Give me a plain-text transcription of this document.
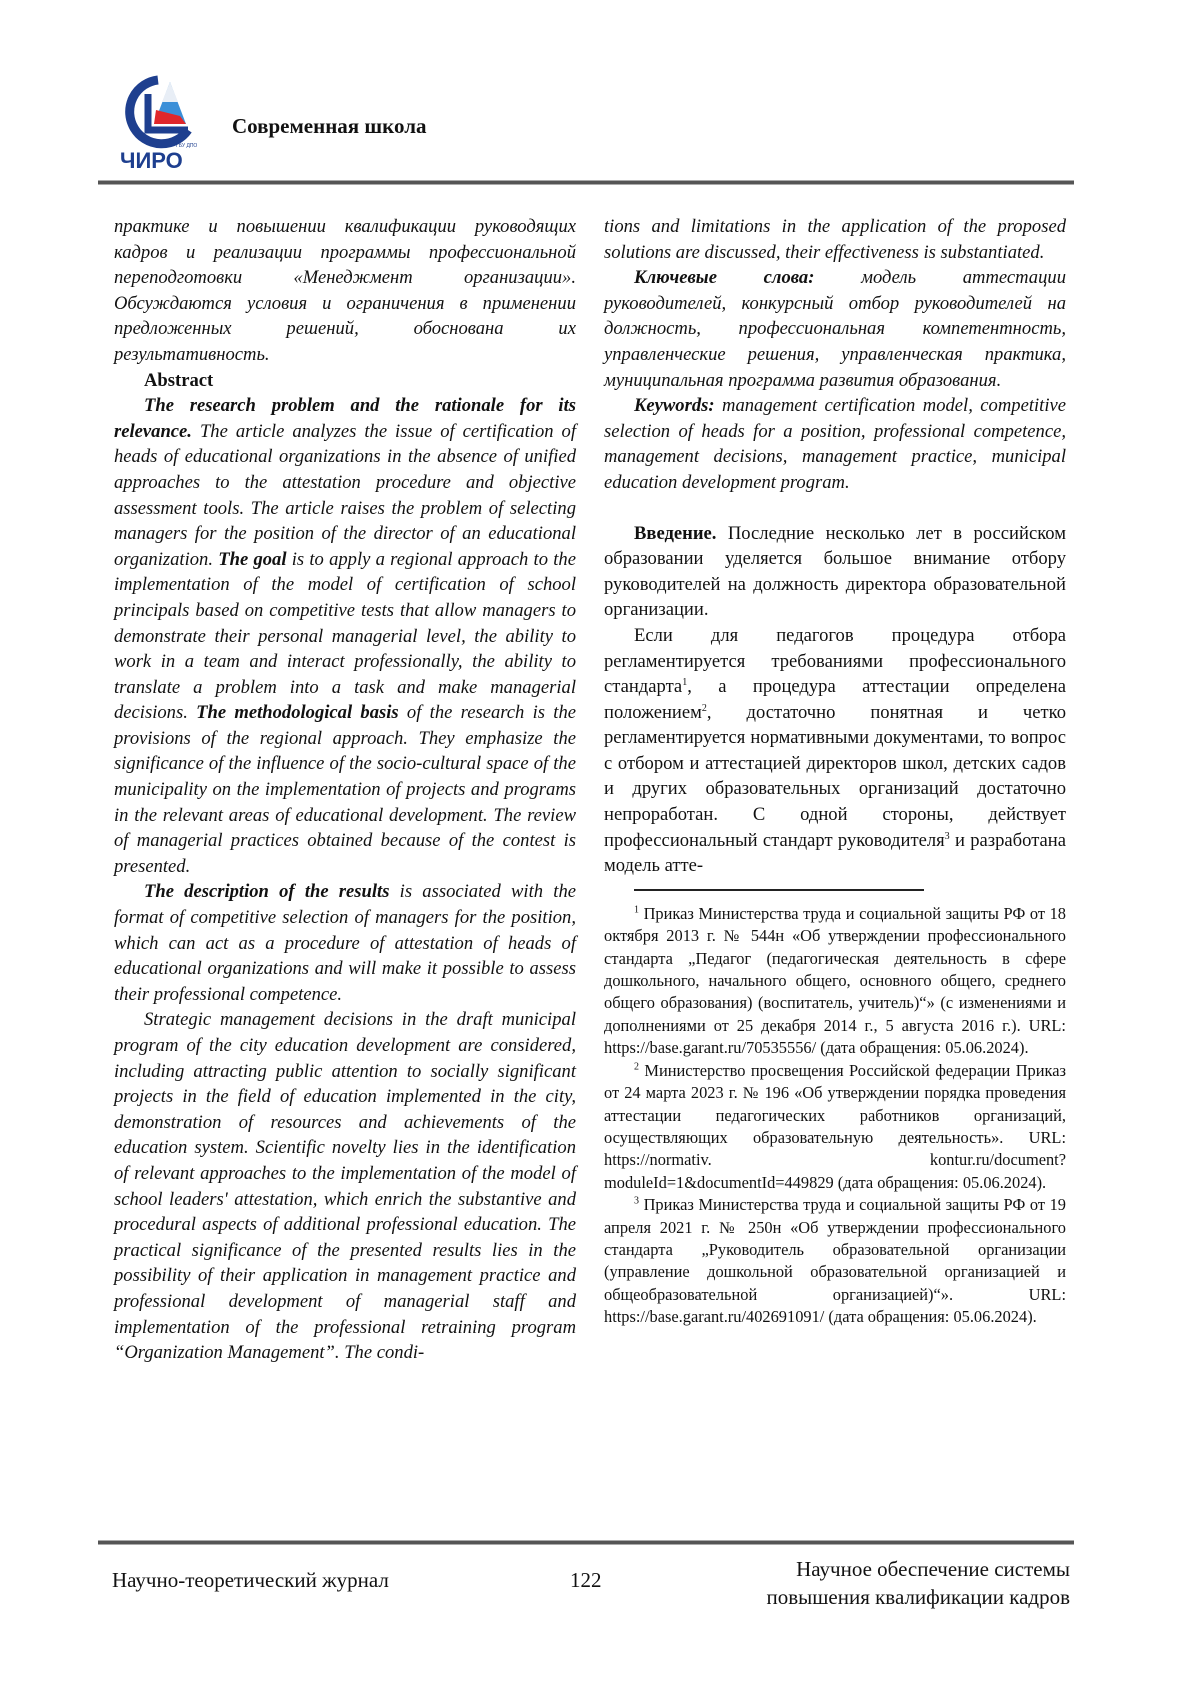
ГБУ ДПО
ЧИРО
Современная школа

практике и повышении квалификации руководящих кадров и реализации программы профессиональной переподготовки «Менеджмент организации». Обсуждаются условия и ограничения в применении предложенных решений, обоснована их результативность.

Abstract

The research problem and the rationale for its relevance. The article analyzes the issue of certification of heads of educational organizations in the absence of unified approaches to the attestation procedure and objective assessment tools. The article raises the problem of selecting managers for the position of the director of an educational organization. The goal is to apply a regional approach to the implementation of the model of certification of school principals based on competitive tests that allow managers to demonstrate their personal managerial level, the ability to work in a team and interact professionally, the ability to translate a problem into a task and make managerial decisions. The methodological basis of the research is the provisions of the regional approach. They emphasize the significance of the influence of the socio-cultural space of the municipality on the implementation of projects and programs in the relevant areas of educational development. The review of managerial practices obtained because of the contest is presented.

The description of the results is associated with the format of competitive selection of managers for the position, which can act as a procedure of attestation of heads of educational organizations and will make it possible to assess their professional competence.

Strategic management decisions in the draft municipal program of the city education development are considered, including attracting public attention to socially significant projects in the field of education implemented in the city, demonstration of resources and achievements of the education system. Scientific novelty lies in the identification of relevant approaches to the implementation of the model of school leaders' attestation, which enrich the substantive and procedural aspects of additional professional education. The practical significance of the presented results lies in the possibility of their application in management practice and professional development of managerial staff and implementation of the professional retraining program “Organization Management”. The condi-

tions and limitations in the application of the proposed solutions are discussed, their effectiveness is substantiated.

Ключевые слова: модель аттестации руководителей, конкурсный отбор руководителей на должность, профессиональная компетентность, управленческие решения, управленческая практика, муниципальная программа развития образования.

Keywords: management certification model, competitive selection of heads for a position, professional competence, management decisions, management practice, municipal education development program.

Введение. Последние несколько лет в российском образовании уделяется большое внимание отбору руководителей на должность директора образовательной организации.

Если для педагогов процедура отбора регламентируется требованиями профессионального стандарта$^1$, а процедура аттестации определена положением$^2$, достаточно понятная и четко регламентируется нормативными документами, то вопрос с отбором и аттестацией директоров школ, детских садов и других образовательных организаций достаточно непроработан. С одной стороны, действует профессиональный стандарт руководителя$^3$ и разработана модель атте-

$^1$ Приказ Министерства труда и социальной защиты РФ от 18 октября 2013 г. № 544н «Об утверждении профессионального стандарта „Педагог (педагогическая деятельность в сфере дошкольного, начального общего, основного общего, среднего общего образования) (воспитатель, учитель)“» (с изменениями и дополнениями от 25 декабря 2014 г., 5 августа 2016 г.). URL: https://base.garant.ru/70535556/ (дата обращения: 05.06.2024).

$^2$ Министерство просвещения Российской федерации Приказ от 24 марта 2023 г. № 196 «Об утверждении порядка проведения аттестации педагогических работников организаций, осуществляющих образовательную деятельность». URL: https://normativ. kontur.ru/document?moduleId=1&documentId=449829 (дата обращения: 05.06.2024).

$^3$ Приказ Министерства труда и социальной защиты РФ от 19 апреля 2021 г. № 250н «Об утверждении профессионального стандарта „Руководитель образовательной организации (управление дошкольной образовательной организацией и общеобразовательной организацией)“». URL: https://base.garant.ru/402691091/ (дата обращения: 05.06.2024).

Научно-теоретический журнал	122	Научное обеспечение системы
повышения квалификации кадров
